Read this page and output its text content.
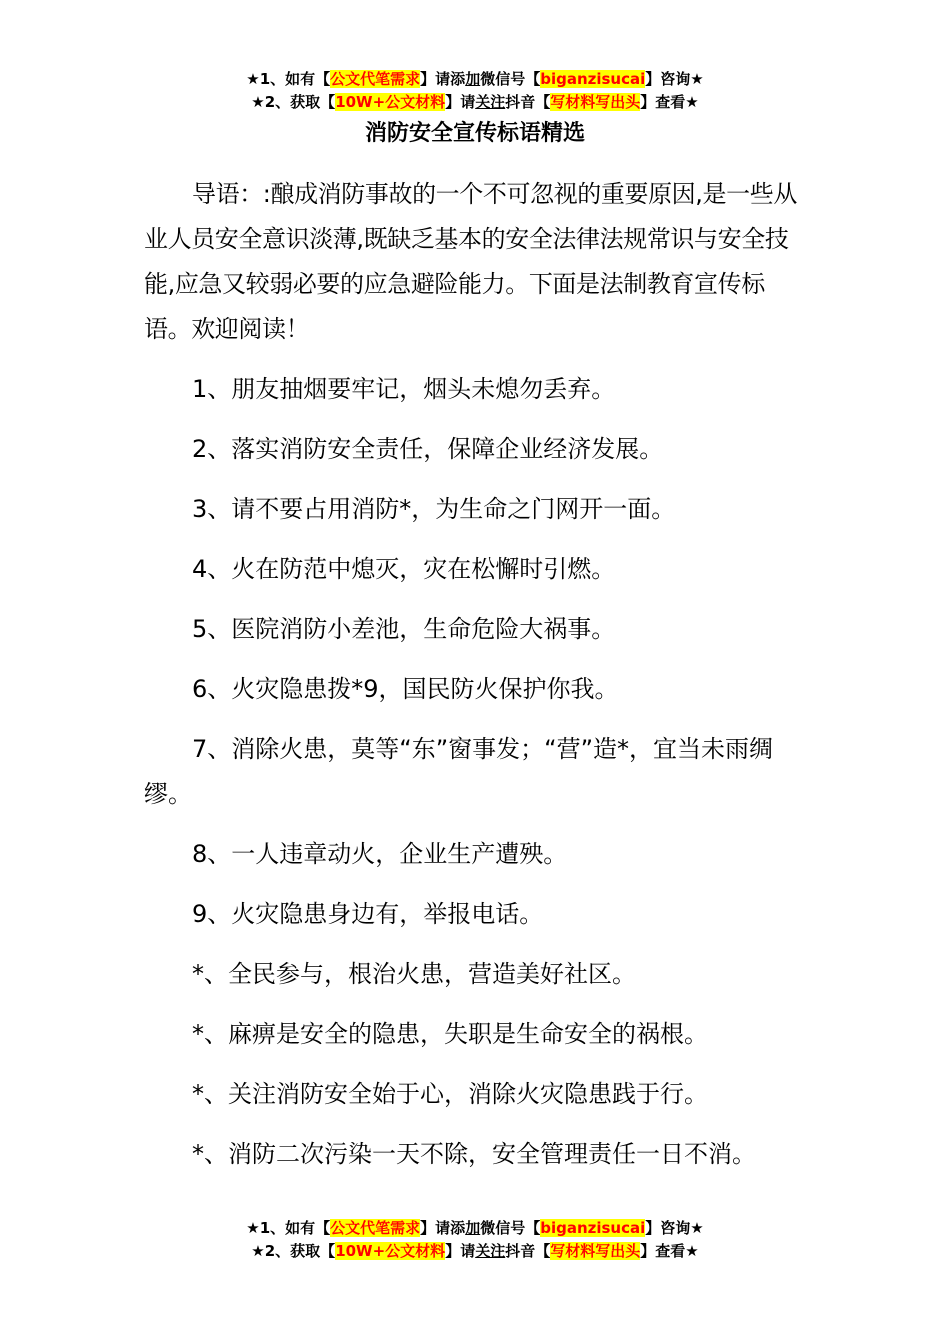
★1、如有【公文代笔需求】请添加微信号【biganzisucai】咨询★
★2、获取【10W+公文材料】请关注抖音【写材料写出头】查看★
消防安全宣传标语精选

导语：:酿成消防事故的一个不可忽视的重要原因,是一些从业人员安全意识淡薄,既缺乏基本的安全法律法规常识与安全技能,应急又较弱必要的应急避险能力。下面是法制教育宣传标语。欢迎阅读！

1、朋友抽烟要牢记，烟头未熄勿丢弃。

2、落实消防安全责任，保障企业经济发展。

3、请不要占用消防*，为生命之门网开一面。

4、火在防范中熄灭，灾在松懈时引燃。

5、医院消防小差池，生命危险大祸事。

6、火灾隐患拨*9，国民防火保护你我。

7、消除火患，莫等“东”窗事发；“营”造*，宜当未雨绸缪。

8、一人违章动火，企业生产遭殃。

9、火灾隐患身边有，举报电话。

*、全民参与，根治火患，营造美好社区。

*、麻痹是安全的隐患，失职是生命安全的祸根。

*、关注消防安全始于心，消除火灾隐患践于行。

*、消防二次污染一天不除，安全管理责任一日不消。

★1、如有【公文代笔需求】请添加微信号【biganzisucai】咨询★
★2、获取【10W+公文材料】请关注抖音【写材料写出头】查看★
